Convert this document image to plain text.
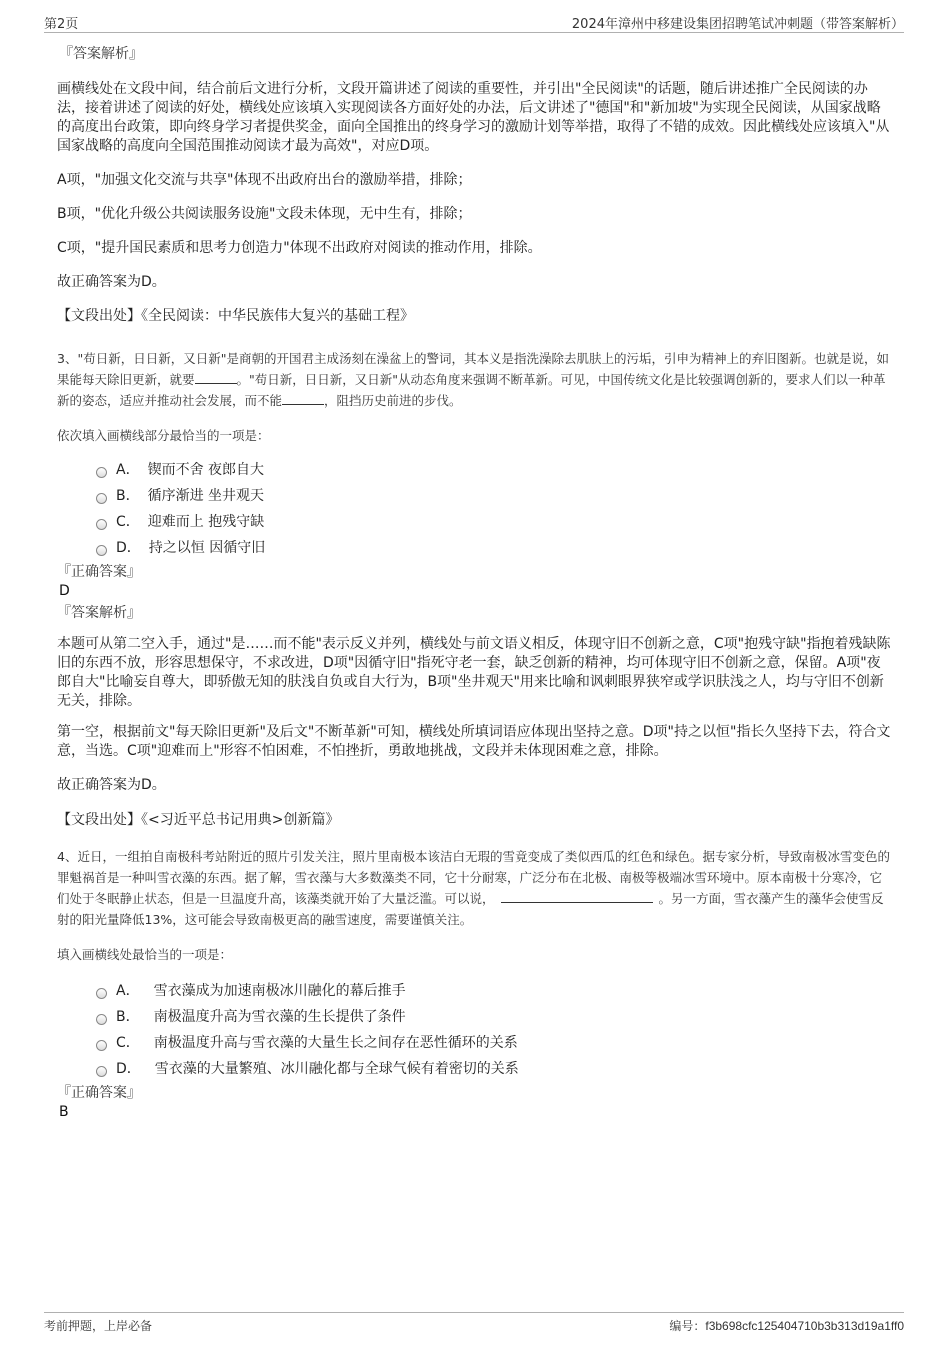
第2页	2024年漳州中移建设集团招聘笔试冲刺题（带答案解析）
『答案解析』

画横线处在文段中间，结合前后文进行分析，文段开篇讲述了阅读的重要性，并引出"全民阅读"的话题，随后讲述推广全民阅读的办法，接着讲述了阅读的好处，横线处应该填入实现阅读各方面好处的办法，后文讲述了"德国"和"新加坡"为实现全民阅读，从国家战略的高度出台政策，即向终身学习者提供奖金，面向全国推出的终身学习的激励计划等举措，取得了不错的成效。因此横线处应该填入"从国家战略的高度向全国范围推动阅读才最为高效"，对应D项。

A项，"加强文化交流与共享"体现不出政府出台的激励举措，排除；

B项，"优化升级公共阅读服务设施"文段未体现，无中生有，排除；

C项，"提升国民素质和思考力创造力"体现不出政府对阅读的推动作用，排除。

故正确答案为D。

【文段出处】《全民阅读：中华民族伟大复兴的基础工程》

3、"苟日新，日日新，又日新"是商朝的开国君主成汤刻在澡盆上的警词，其本义是指洗澡除去肌肤上的污垢，引申为精神上的弃旧图新。也就是说，如果能每天除旧更新，就要	。"苟日新，日日新，又日新"从动态角度来强调不断革新。可见，中国传统文化是比较强调创新的，要求人们以一种革新的姿态，适应并推动社会发展，而不能	，阻挡历史前进的步伐。

依次填入画横线部分最恰当的一项是：

A． 锲而不舍 夜郎自大
B． 循序渐进 坐井观天
C． 迎难而上 抱残守缺
D． 持之以恒 因循守旧
『正确答案』
D
『答案解析』

本题可从第二空入手，通过"是……而不能"表示反义并列，横线处与前文语义相反，体现守旧不创新之意，C项"抱残守缺"指抱着残缺陈旧的东西不放，形容思想保守，不求改进，D项"因循守旧"指死守老一套，缺乏创新的精神，均可体现守旧不创新之意，保留。A项"夜郎自大"比喻妄自尊大，即骄傲无知的肤浅自负或自大行为，B项"坐井观天"用来比喻和讽刺眼界狭窄或学识肤浅之人，均与守旧不创新无关，排除。

第一空，根据前文"每天除旧更新"及后文"不断革新"可知，横线处所填词语应体现出坚持之意。D项"持之以恒"指长久坚持下去，符合文意，当选。C项"迎难而上"形容不怕困难，不怕挫折，勇敢地挑战，文段并未体现困难之意，排除。

故正确答案为D。

【文段出处】《<习近平总书记用典>创新篇》

4、近日，一组拍自南极科考站附近的照片引发关注，照片里南极本该洁白无瑕的雪竟变成了类似西瓜的红色和绿色。据专家分析，导致南极冰雪变色的罪魁祸首是一种叫雪衣藻的东西。据了解，雪衣藻与大多数藻类不同，它十分耐寒，广泛分布在北极、南极等极端冰雪环境中。原本南极十分寒冷，它们处于冬眠静止状态，但是一旦温度升高，该藻类就开始了大量泛滥。可以说，	。另一方面，雪衣藻产生的藻华会使雪反射的阳光量降低13%，这可能会导致南极更高的融雪速度，需要谨慎关注。

填入画横线处最恰当的一项是：

A． 雪衣藻成为加速南极冰川融化的幕后推手
B． 南极温度升高为雪衣藻的生长提供了条件
C． 南极温度升高与雪衣藻的大量生长之间存在恶性循环的关系
D． 雪衣藻的大量繁殖、冰川融化都与全球气候有着密切的关系
『正确答案』
B
考前押题，上岸必备	编号：f3b698cfc125404710b3b313d19a1ff0
